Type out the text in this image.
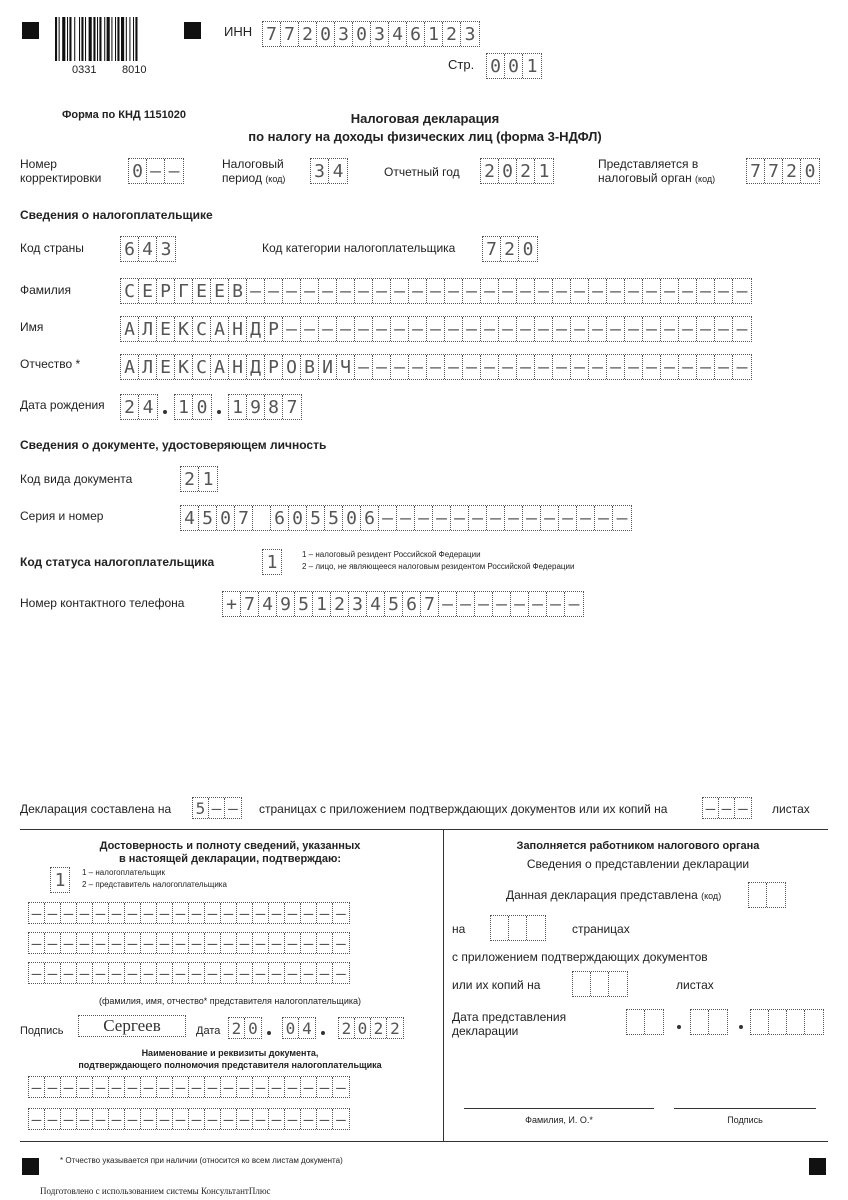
0331 8010
ИНН 7 7 2 0 3 0 3 4 6 1 2 3
Стр. 0 0 1
Форма по КНД 1151020	Налоговая декларация
по налогу на доходы физических лиц (форма 3-НДФЛ)
Номер
корректировки 0 – –	Налоговый
период (код) 3 4	Отчетный год 2 0 2 1	Представляется в
налоговый орган (код) 7 7 2 0
Сведения о налогоплательщике
Код страны 6 4 3	Код категории налогоплательщика 7 2 0
Фамилия	С Е Р Г Е Е В – – – – – – – – – – – – – – – – – – – – – – – – – – – –
Имя	А Л Е К С А Н Д Р – – – – – – – – – – – – – – – – – – – – – – – – – –
Отчество * А Л Е К С А Н Д Р О В И Ч – – – – – – – – – – – – – – – – – – – – – –
Дата рождения 2 4 1 0 1 9 8 7
Сведения о документе, удостоверяющем личность
Код вида документа	2 1
Серия и номер	4 5 0 7 6 0 5 5 0 6 – – – – – – – – – – – – – –
Код статуса налогоплательщика	1	1 – налоговый резидент Российской Федерации
2 – лицо, не являющееся налоговым резидентом Российской Федерации
Номер контактного телефона + 7 4 9 5 1 2 3 4 5 6 7 – – – – – – – –
Декларация составлена на 5 – – страницах с приложением подтверждающих документов или их копий на – – – листах
Достоверность и полноту сведений, указанных
в настоящей декларации, подтверждаю:
1	1 – налогоплательщик
2 – представитель налогоплательщика
– – – – – – – – – – – – – – – – – – – –
– – – – – – – – – – – – – – – – – – – –
– – – – – – – – – – – – – – – – – – – –
(фамилия, имя, отчество* представителя налогоплательщика)
Подпись	Сергеев	Дата 2 0 0 4 2 0 2 2
Наименование и реквизиты документа,
подтверждающего полномочия представителя налогоплательщика
– – – – – – – – – – – – – – – – – – – –
– – – – – – – – – – – – – – – – – – – –
Заполняется работником налогового органа
Сведения о представлении декларации
Данная декларация представлена (код)
на	страницах
с приложением подтверждающих документов
или их копий на	листах
Дата представления
декларации
Фамилия, И. О.*	Подпись
* Отчество указывается при наличии (относится ко всем листам документа)
Подготовлено с использованием системы КонсультантПлюс
